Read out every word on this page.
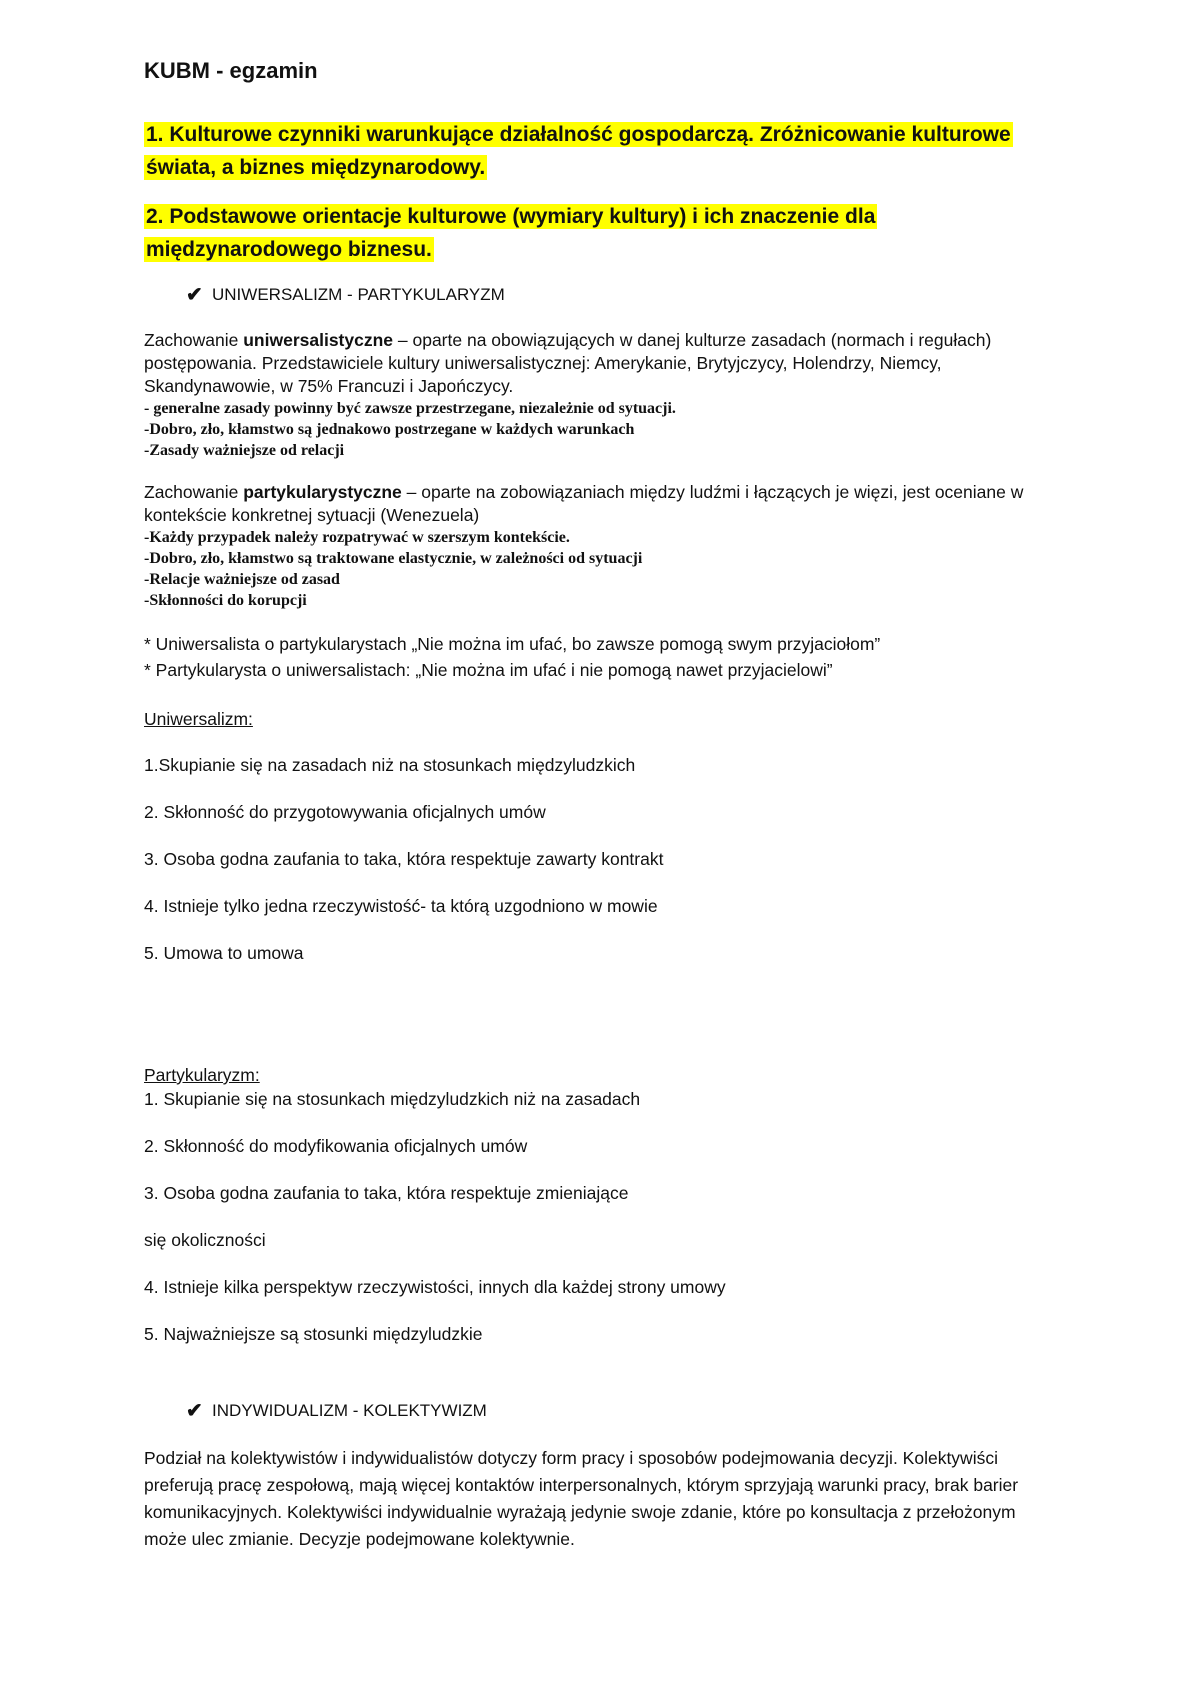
KUBM - egzamin
1. Kulturowe czynniki warunkujące działalność gospodarczą. Zróżnicowanie kulturowe świata, a biznes międzynarodowy.
2. Podstawowe orientacje kulturowe (wymiary kultury) i ich znaczenie dla międzynarodowego biznesu.
✔ UNIWERSALIZM - PARTYKULARYZM

Zachowanie uniwersalistyczne – oparte na obowiązujących w danej kulturze zasadach (normach i regułach) postępowania. Przedstawiciele kultury uniwersalistycznej: Amerykanie, Brytyjczycy, Holendrzy, Niemcy, Skandynawowie, w 75% Francuzi i Japończycy.

- generalne zasady powinny być zawsze przestrzegane, niezależnie od sytuacji.

-Dobro, zło, kłamstwo są jednakowo postrzegane w każdych warunkach

-Zasady ważniejsze od relacji

Zachowanie partykularystyczne – oparte na zobowiązaniach między ludźmi i łączących je więzi, jest oceniane w kontekście konkretnej sytuacji (Wenezuela)

-Każdy przypadek należy rozpatrywać w szerszym kontekście.

-Dobro, zło, kłamstwo są traktowane elastycznie, w zależności od sytuacji

-Relacje ważniejsze od zasad

-Skłonności do korupcji

* Uniwersalista o partykularystach „Nie można im ufać, bo zawsze pomogą swym przyjaciołom”

* Partykularysta o uniwersalistach: „Nie można im ufać i nie pomogą nawet przyjacielowi”

Uniwersalizm:

1.Skupianie się na zasadach niż na stosunkach międzyludzkich

2. Skłonność do przygotowywania oficjalnych umów

3. Osoba godna zaufania to taka, która respektuje zawarty kontrakt

4. Istnieje tylko jedna rzeczywistość- ta którą uzgodniono w mowie

5. Umowa to umowa

Partykularyzm:

1. Skupianie się na stosunkach międzyludzkich niż na zasadach

2. Skłonność do modyfikowania oficjalnych umów

3. Osoba godna zaufania to taka, która respektuje zmieniające

się okoliczności

4. Istnieje kilka perspektyw rzeczywistości, innych dla każdej strony umowy

5. Najważniejsze są stosunki międzyludzkie

✔ INDYWIDUALIZM - KOLEKTYWIZM

Podział na kolektywistów i indywidualistów dotyczy form pracy i sposobów podejmowania decyzji. Kolektywiści preferują pracę zespołową, mają więcej kontaktów interpersonalnych, którym sprzyjają warunki pracy, brak barier komunikacyjnych. Kolektywiści indywidualnie wyrażają jedynie swoje zdanie, które po konsultacja z przełożonym może ulec zmianie. Decyzje podejmowane kolektywnie.
